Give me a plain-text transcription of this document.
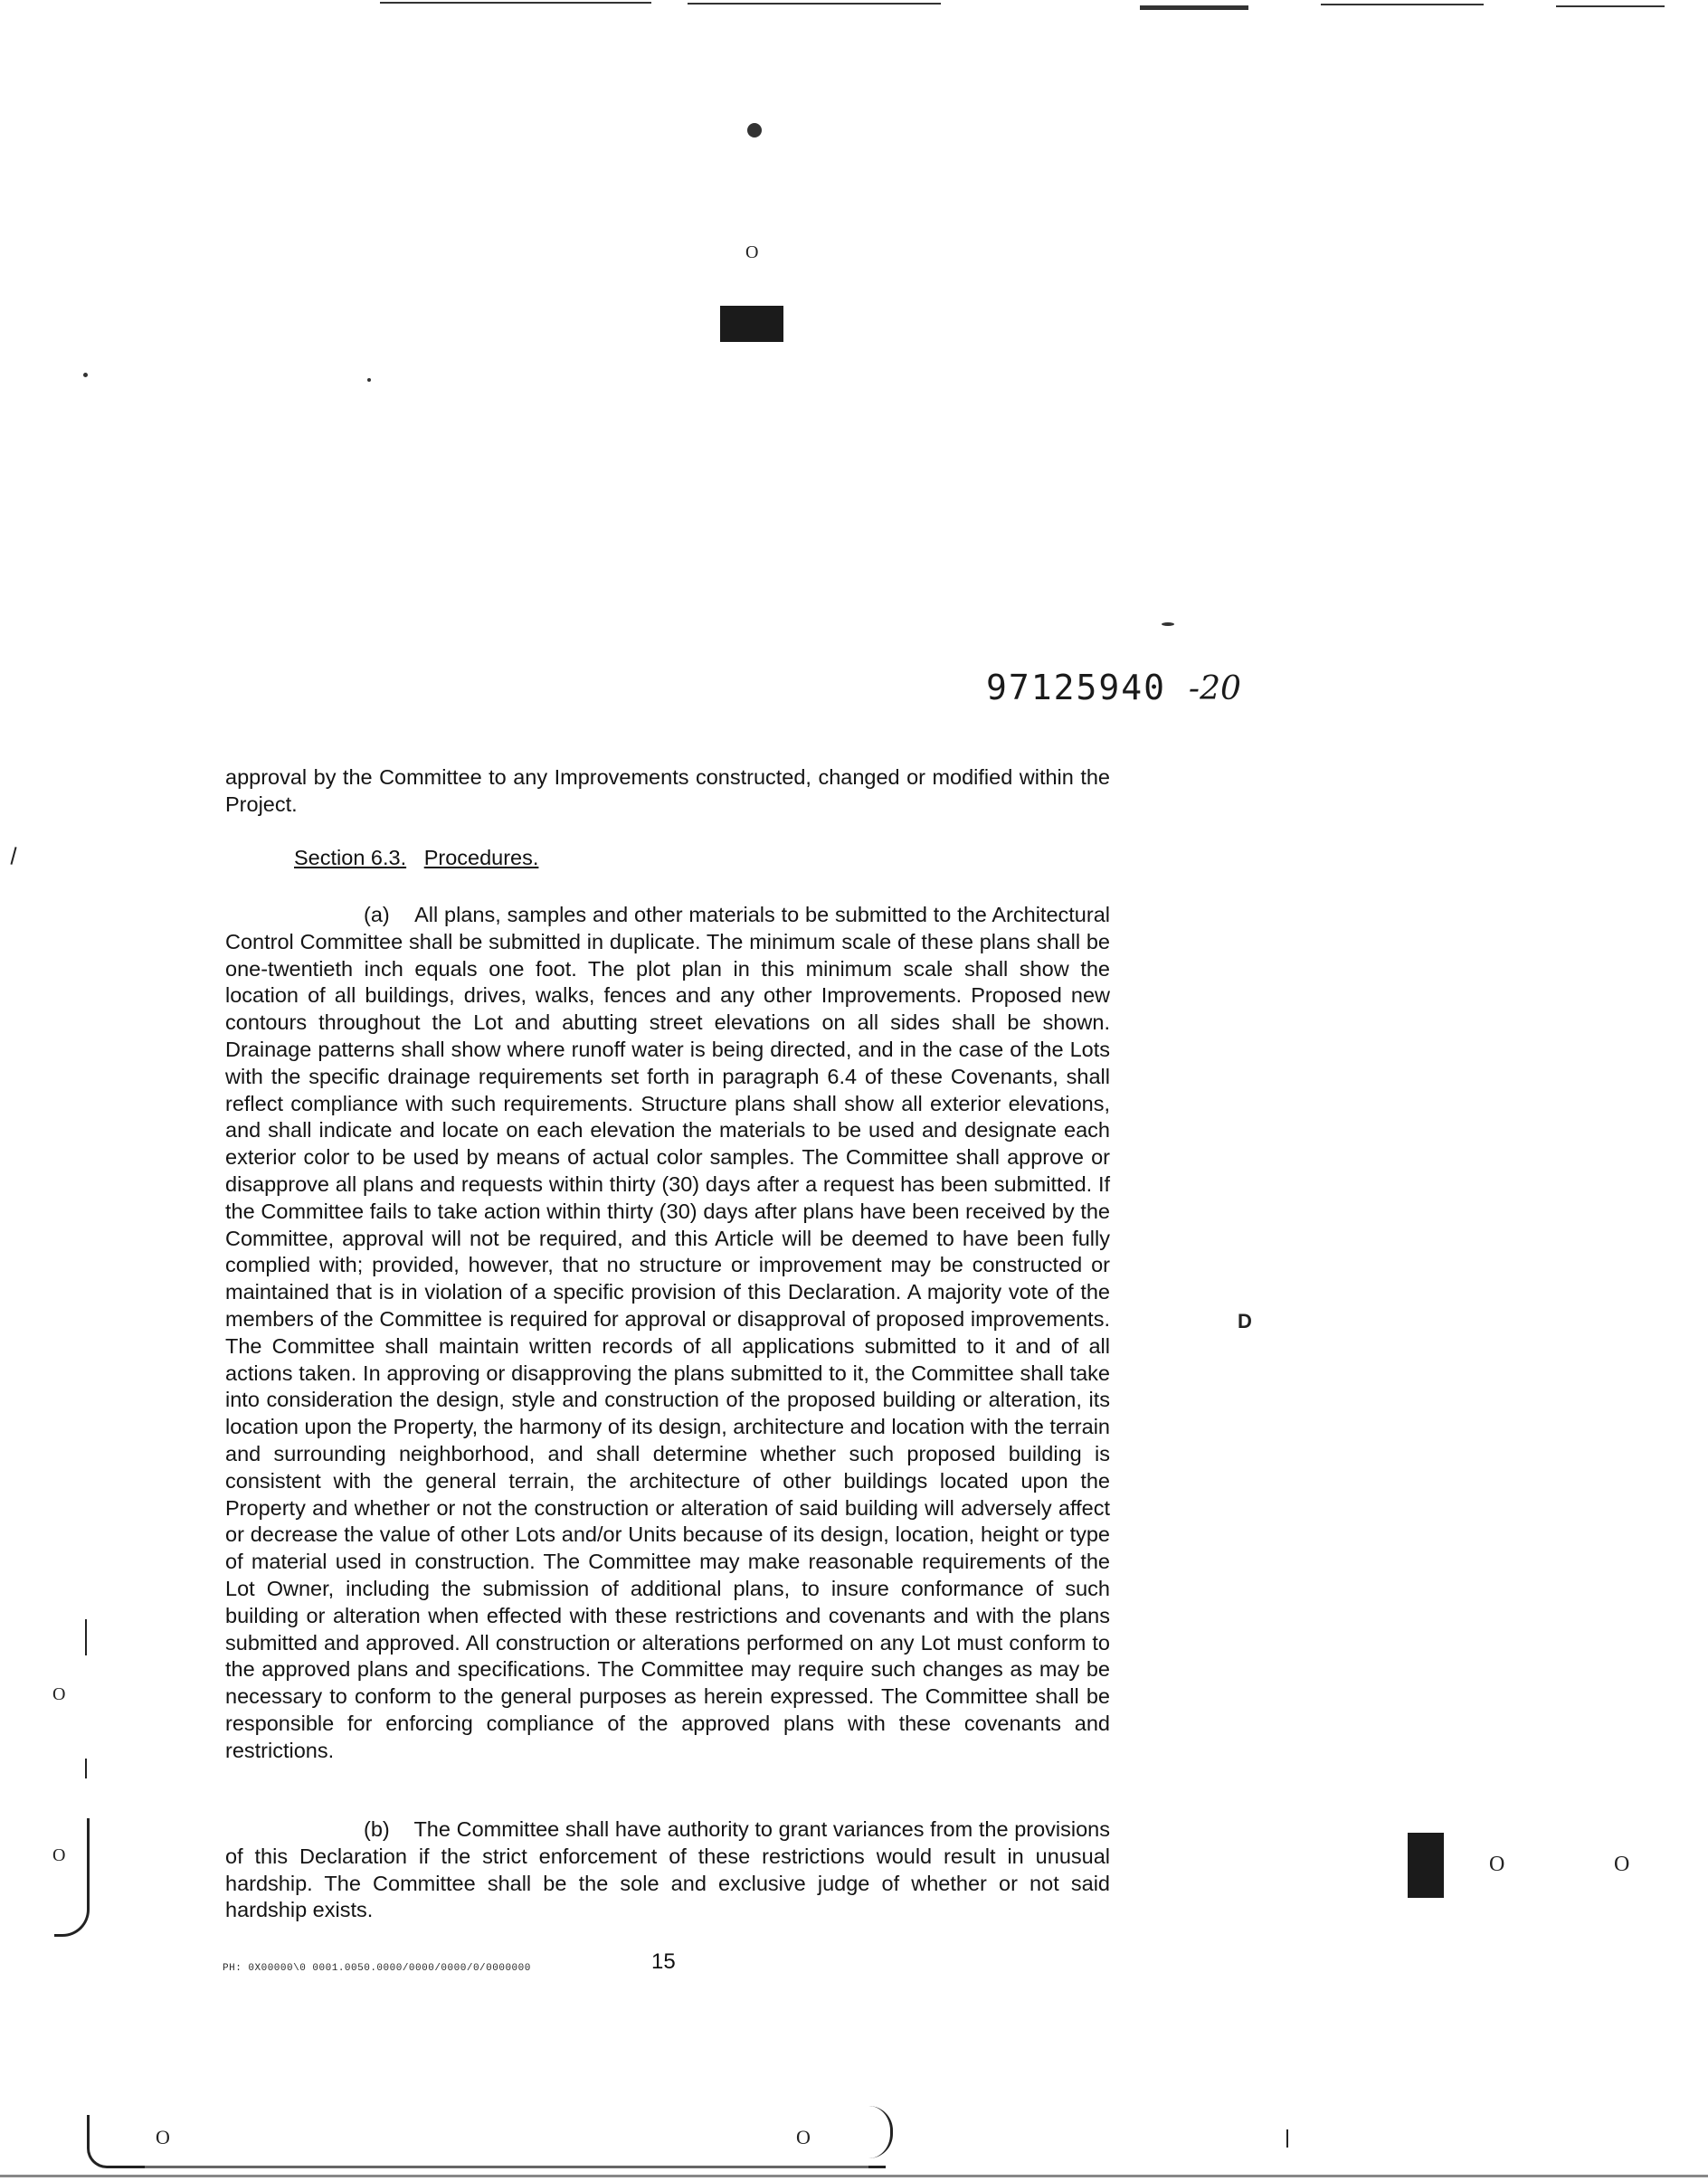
O
97125940 -20
approval by the Committee to any Improvements constructed, changed or modified within the Project.
Section 6.3. Procedures.
(a)    All plans, samples and other materials to be submitted to the Architectural Control Committee shall be submitted in duplicate. The minimum scale of these plans shall be one-twentieth inch equals one foot. The plot plan in this minimum scale shall show the location of all buildings, drives, walks, fences and any other Improvements. Proposed new contours throughout the Lot and abutting street elevations on all sides shall be shown. Drainage patterns shall show where runoff water is being directed, and in the case of the Lots with the specific drainage requirements set forth in paragraph 6.4 of these Covenants, shall reflect compliance with such requirements. Structure plans shall show all exterior elevations, and shall indicate and locate on each elevation the materials to be used and designate each exterior color to be used by means of actual color samples. The Committee shall approve or disapprove all plans and requests within thirty (30) days after a request has been submitted. If the Committee fails to take action within thirty (30) days after plans have been received by the Committee, approval will not be required, and this Article will be deemed to have been fully complied with; provided, however, that no structure or improvement may be constructed or maintained that is in violation of a specific provision of this Declaration. A majority vote of the members of the Committee is required for approval or disapproval of proposed improvements. The Committee shall maintain written records of all applications submitted to it and of all actions taken. In approving or disapproving the plans submitted to it, the Committee shall take into consideration the design, style and construction of the proposed building or alteration, its location upon the Property, the harmony of its design, architecture and location with the terrain and surrounding neighborhood, and shall determine whether such proposed building is consistent with the general terrain, the architecture of other buildings located upon the Property and whether or not the construction or alteration of said building will adversely affect or decrease the value of other Lots and/or Units because of its design, location, height or type of material used in construction. The Committee may make reasonable requirements of the Lot Owner, including the submission of additional plans, to insure conformance of such building or alteration when effected with these restrictions and covenants and with the plans submitted and approved. All construction or alterations performed on any Lot must conform to the approved plans and specifications. The Committee may require such changes as may be necessary to conform to the general purposes as herein expressed. The Committee shall be responsible for enforcing compliance of the approved plans with these covenants and restrictions.
(b)    The Committee shall have authority to grant variances from the provisions of this Declaration if the strict enforcement of these restrictions would result in unusual hardship. The Committee shall be the sole and exclusive judge of whether or not said hardship exists.
PH: 0X00000\0 0001.0050.0000/0000/0000/0/0000000	15
D
O	O
O
O
O	O
